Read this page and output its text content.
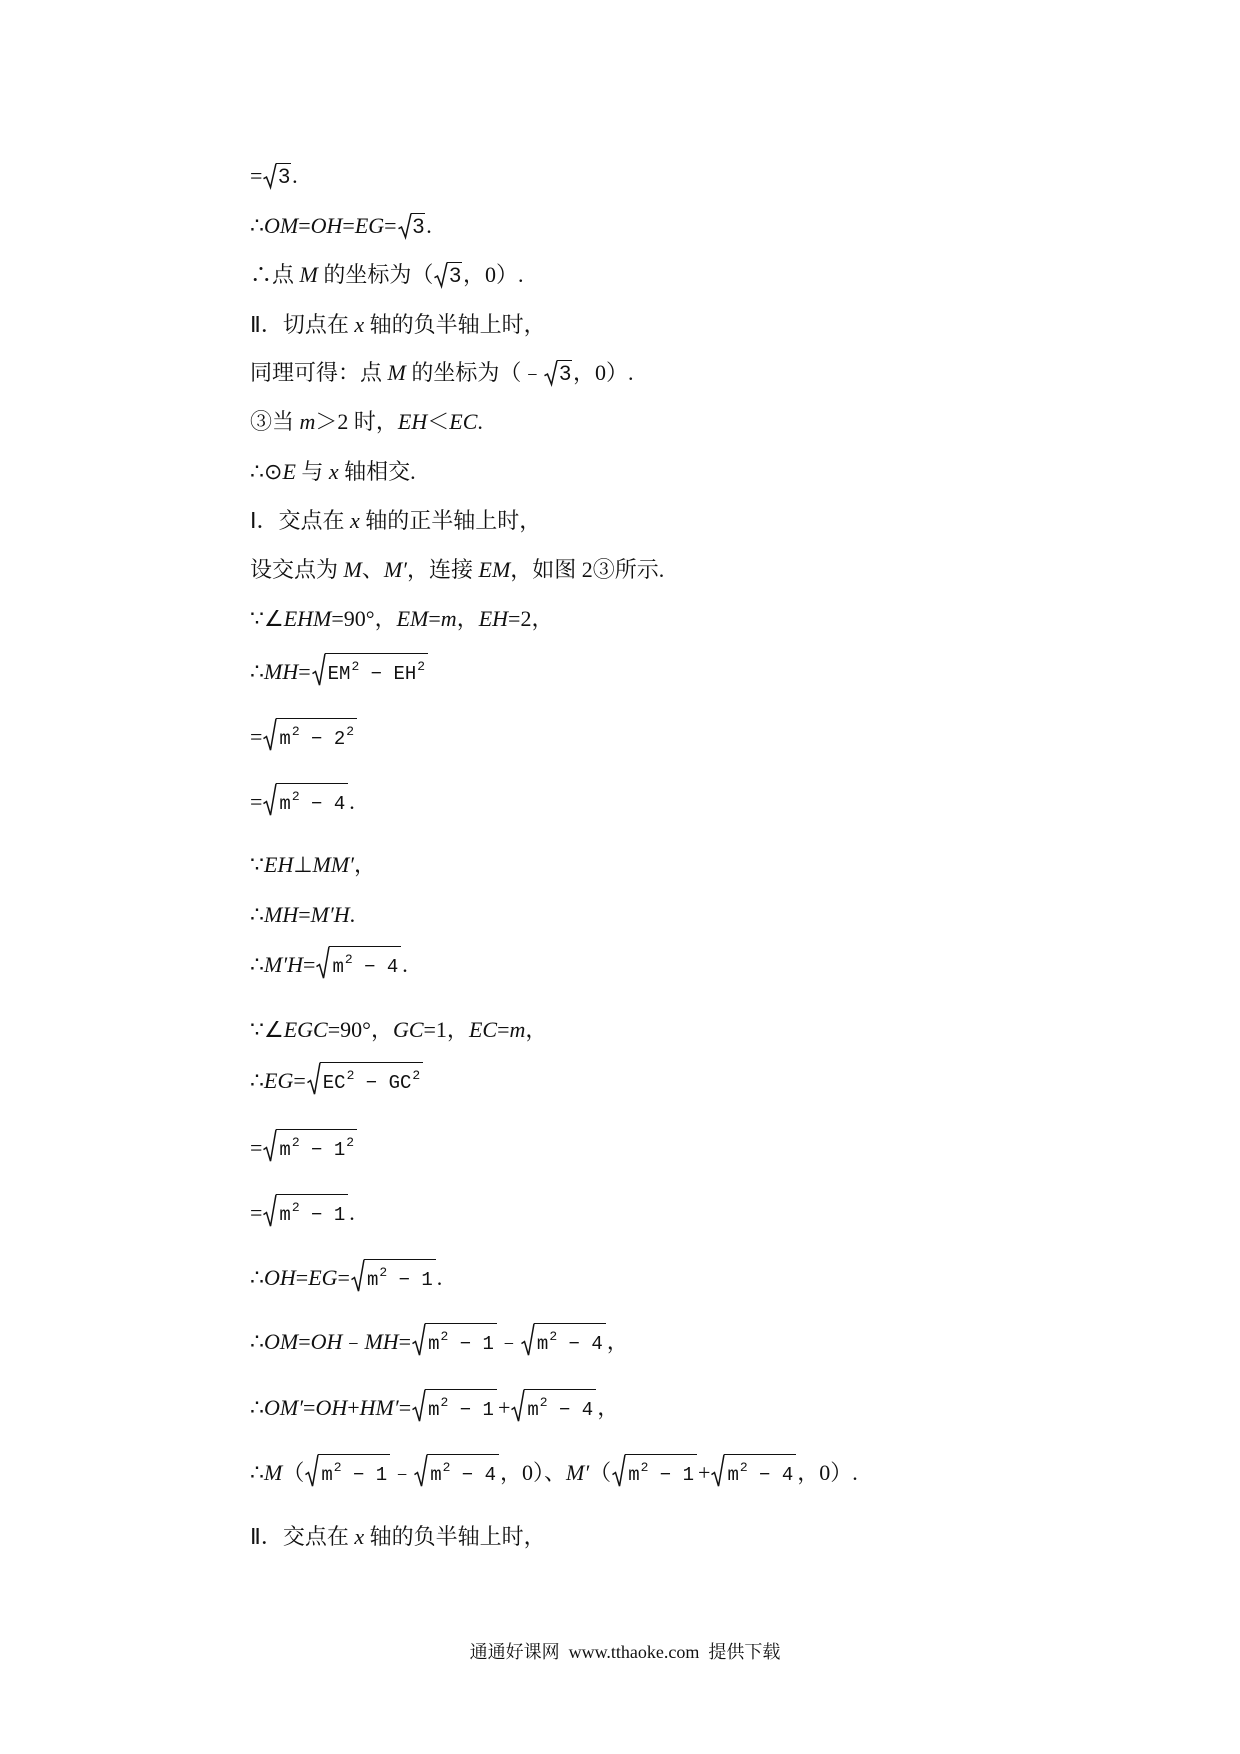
= 3.
∴OM=OH=EG= 3.
∴点 M 的坐标为（ 3，0）.
Ⅱ．切点在 x 轴的负半轴上时，
同理可得：点 M 的坐标为（﹣ 3，0）.
③当 m＞2 时，EH＜EC.
∴⊙E 与 x 轴相交.
Ⅰ．交点在 x 轴的正半轴上时，
设交点为 M、M′，连接 EM，如图 2③所示.
∵∠EHM=90°，EM=m，EH=2，
∴MH= $EM^2 - EH^2$
= $m^2 - 2^2$
= $m^2 - 4$ .
∵EH⊥MM′，
∴MH=M′H.
∴M′H= $m^2 - 4$ .
∵∠EGC=90°，GC=1，EC=m，
∴EG= $EC^2 - GC^2$
= $m^2 - 1^2$
= $m^2 - 1$ .
∴OH=EG= $m^2 - 1$ .
∴OM=OH﹣MH= $m^2 - 1$ ﹣ $m^2 - 4$ ，
∴OM′=OH+HM′= $m^2 - 1 + m^2 - 4$ ，
∴M（ $m^2 - 1$ ﹣ $m^2 - 4$ ，0）、M′（ $m^2 - 1 + m^2 - 4$ ，0）.
Ⅱ．交点在 x 轴的负半轴上时，
通通好课网  www.tthaoke.com  提供下载
